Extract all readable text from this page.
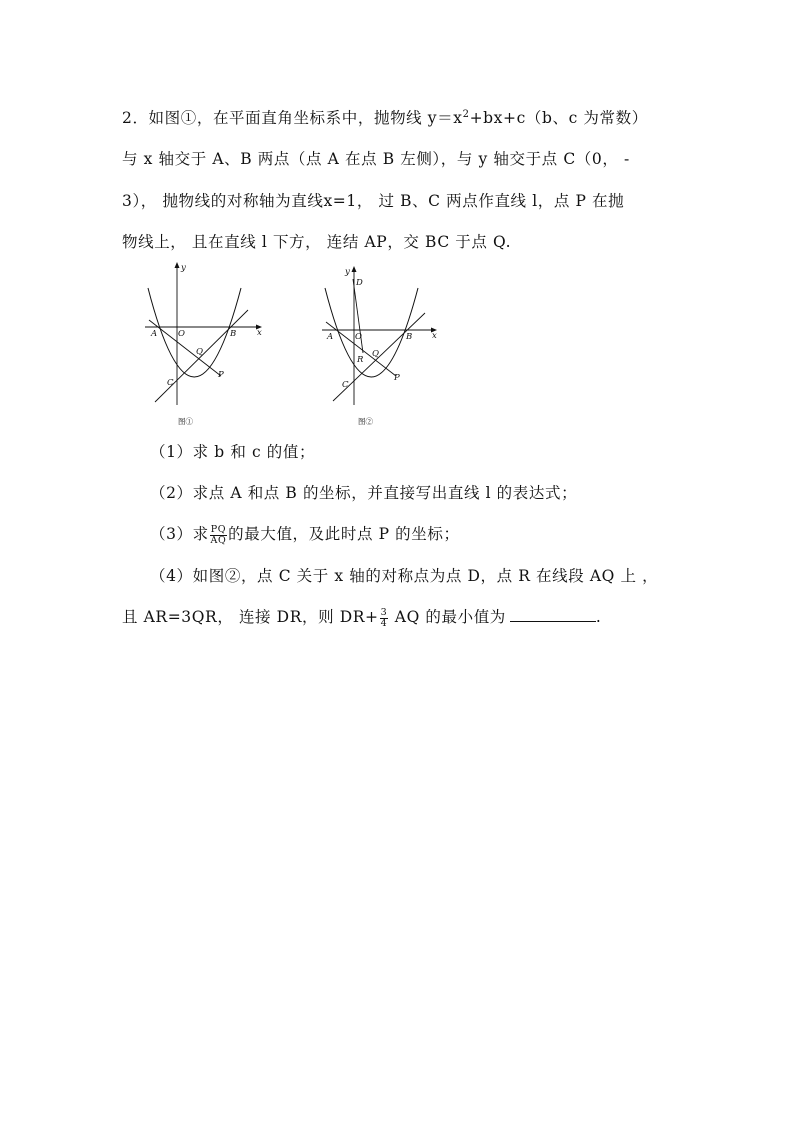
2．如图①，在平面直角坐标系中，抛物线 $y=x^2+bx+c(b$、c 为常数）
与 x 轴交于 A、B 两点（点 A 在点 B 左侧），与 y 轴交于点 C（0， -
3）， 抛物线的对称轴为直线x=1， 过 B、C 两点作直线 l，点 P 在抛
物线上， 且在直线 l 下方， 连结 AP，交 BC 于点 Q.
y
x
A O	B
Q
C
P
图①
y
D
x
A	O	B
Q
R
C
P
图②
（1）求 b 和 c 的值；
（2）求点 A 和点 B 的坐标，并直接写出直线 l 的表达式；
（3）求 $\frac{PQ}{AQ}$ 的最大值，及此时点 P 的坐标；
（4）如图②，点 C 关于 x 轴的对称点为点 D，点 R 在线段 AQ 上 ，
且 AR=3QR， 连接 DR，则 $DR+ \frac{3}{4}$ AQ 的最小值为	.
